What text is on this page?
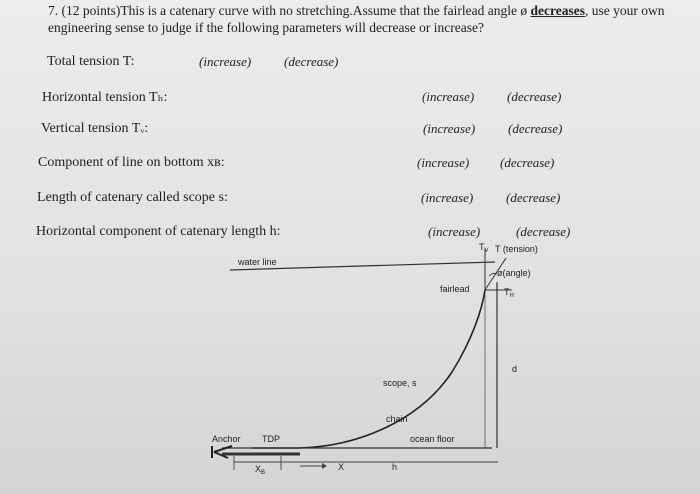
7. (12 points)This is a catenary curve with no stretching.Assume that the fairlead angle ø decreases, use your own engineering sense to judge if the following parameters will decrease or increase?
Total tension T:	(increase)	(decrease)
Horizontal tension Tₕ:	(increase)	(decrease)
Vertical tension Tᵥ:	(increase)	(decrease)
Component of line on bottom xʙ:	(increase) (decrease)
Length of catenary called scope s:	(increase)	(decrease)
Horizontal component of catenary length h:	(increase)	(decrease)
water line
$T_V$ T (tension)
ø(angle)
fairlead	$T_H$
d
scope, s
chain
ocean floor
Anchor TDP
$X_B$
X	h
